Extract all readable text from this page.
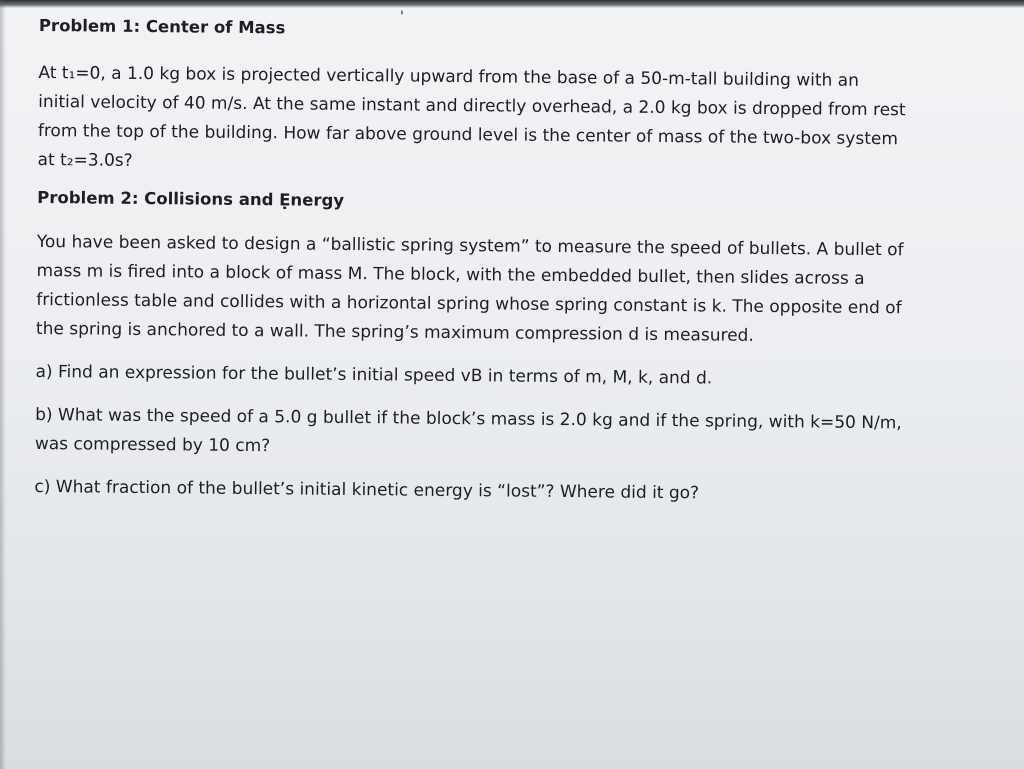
'

Problem 1: Center of Mass

At t₁=0, a 1.0 kg box is projected vertically upward from the base of a 50-m-tall building with an initial velocity of 40 m/s. At the same instant and directly overhead, a 2.0 kg box is dropped from rest from the top of the building. How far above ground level is the center of mass of the two-box system at t₂=3.0s?

Problem 2: Collisions and Ẹnergy

You have been asked to design a “ballistic spring system” to measure the speed of bullets. A bullet of mass m is fired into a block of mass M. The block, with the embedded bullet, then slides across a frictionless table and collides with a horizontal spring whose spring constant is k. The opposite end of the spring is anchored to a wall. The spring’s maximum compression d is measured.

a) Find an expression for the bullet’s initial speed vB in terms of m, M, k, and d.

b) What was the speed of a 5.0 g bullet if the block’s mass is 2.0 kg and if the spring, with k=50 N/m, was compressed by 10 cm?

c) What fraction of the bullet’s initial kinetic energy is “lost”? Where did it go?
